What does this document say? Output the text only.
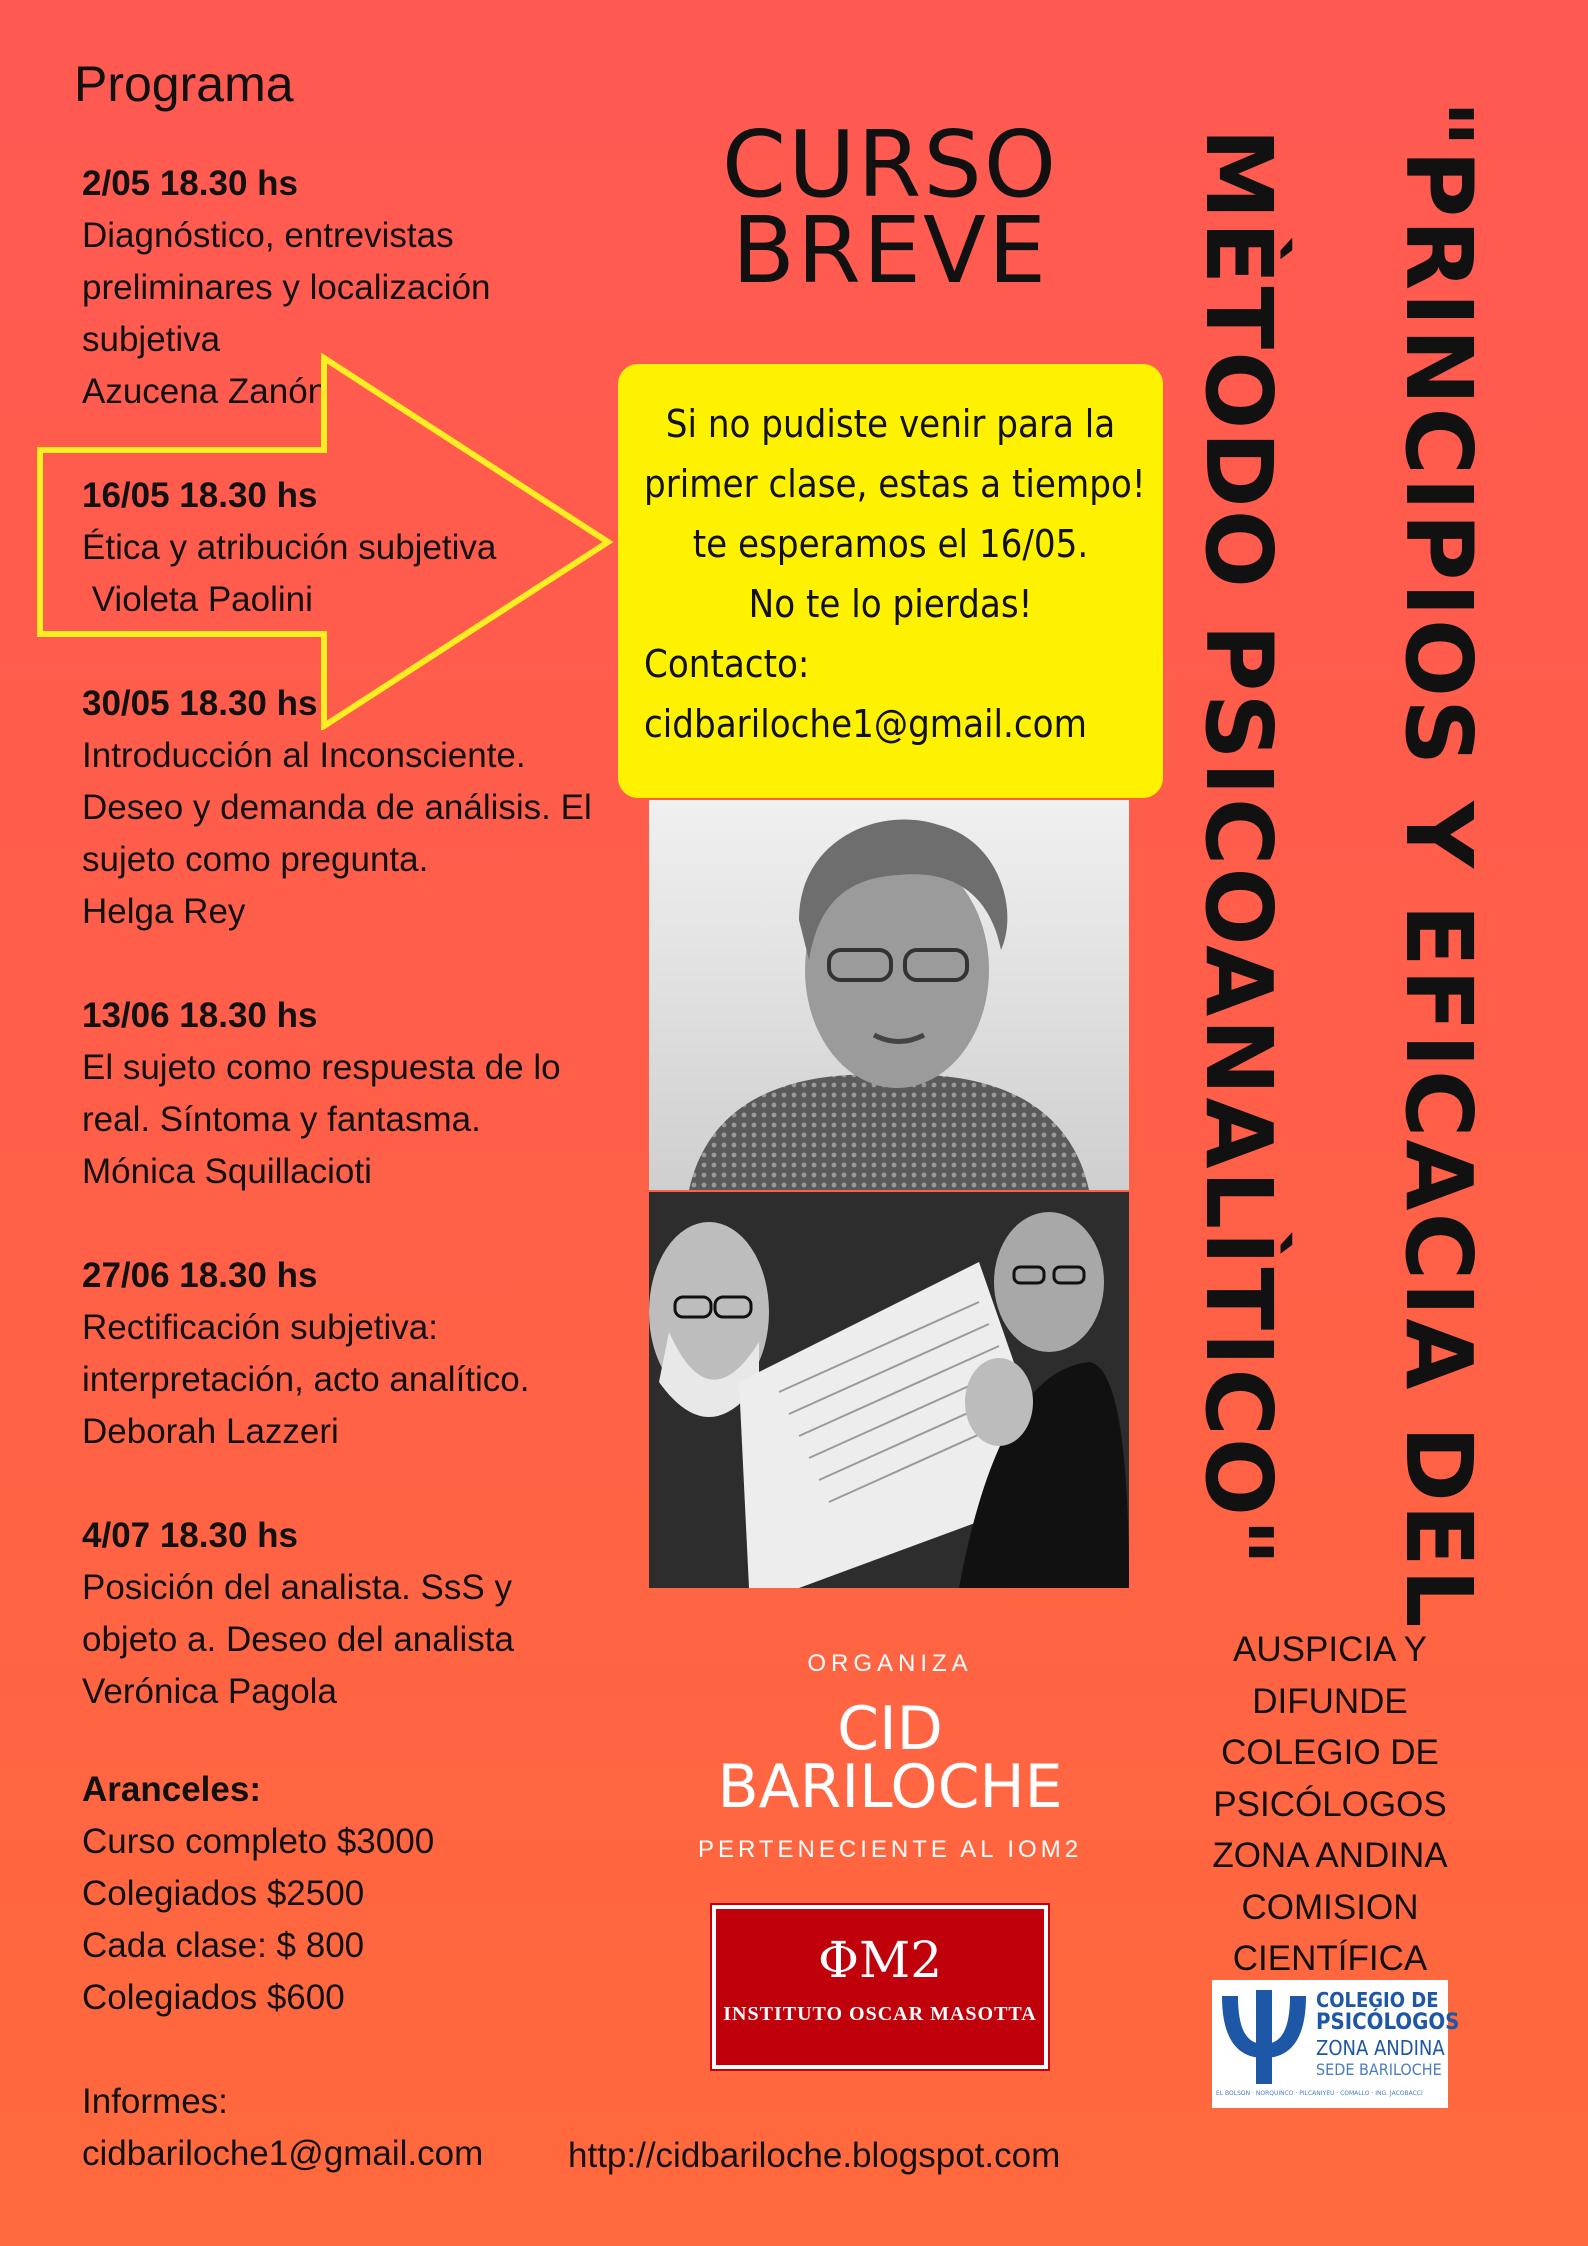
Programa
2/05 18.30 hs
Diagnóstico, entrevistas
preliminares y localización
subjetiva
Azucena Zanón
16/05 18.30 hs
Ética y atribución subjetiva
Violeta Paolini
30/05 18.30 hs
Introducción al Inconsciente.
Deseo y demanda de análisis. El
sujeto como pregunta.
Helga Rey
13/06 18.30 hs
El sujeto como respuesta de lo
real. Síntoma y fantasma.
Mónica Squillacioti
27/06 18.30 hs
Rectificación subjetiva:
interpretación, acto analítico.
Deborah Lazzeri
4/07 18.30 hs
Posición del analista. SsS y
objeto a. Deseo del analista
Verónica Pagola
Aranceles:
Curso completo $3000
Colegiados $2500
Cada clase: $ 800
Colegiados $600
Informes:
cidbariloche1@gmail.com
CURSO
BREVE
Si no pudiste venir para la
primer clase, estas a tiempo!
te esperamos el 16/05.
No te lo pierdas!
Contacto:
cidbariloche1@gmail.com	"PRINCIPIOS Y EFICACIA DEL
MÈTODO PSICOANALÌTICO"
ORGANIZA
CID
BARILOCHE
PERTENECIENTE AL IOM2
ΦM2
INSTITUTO OSCAR MASOTTA
http://cidbariloche.blogspot.com
AUSPICIA Y
DIFUNDE
COLEGIO DE
PSICÓLOGOS
ZONA ANDINA
COMISION
CIENTÍFICA
COLEGIO DE
PSICÓLOGOS
ZONA ANDINA
SEDE BARILOCHE
EL BOLSÓN · ÑORQUINCO · PILCANIYEU · COMALLO · ING. JACOBACCI
